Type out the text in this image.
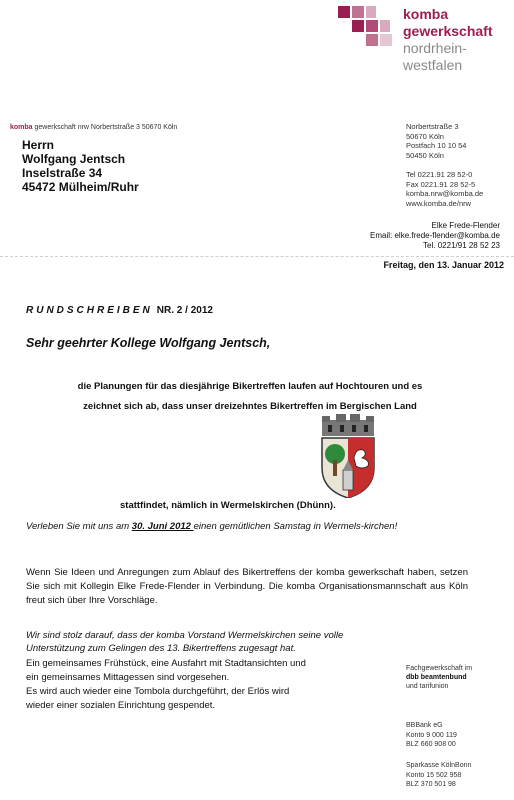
komba
gewerkschaft
nordrhein-
westfalen
komba gewerkschaft nrw Norbertstraße 3 50670 Köln
Herrn
Wolfgang Jentsch
Inselstraße 34
45472 Mülheim/Ruhr
Norbertstraße 3
50670 Köln
Postfach 10 10 54
50450 Köln
Tel 0221.91 28 52-0
Fax 0221.91 28 52-5
komba.nrw@komba.de
www.komba.de/nrw
Elke Frede-Flender
Email: elke.frede-flender@komba.de
Tel. 0221/91 28 52 23
Freitag, den 13. Januar 2012
RUNDSCHREIBEN NR. 2 / 2012
Sehr geehrter Kollege Wolfgang Jentsch,
die Planungen für das diesjährige Bikertreffen laufen auf Hochtouren und es
zeichnet sich ab, dass unser dreizehntes Bikertreffen im Bergischen Land
stattfindet, nämlich in Wermelskirchen (Dhünn).
Verleben Sie mit uns am 30. Juni 2012 einen gemütlichen Samstag in Wermels-kirchen!
Wenn Sie Ideen und Anregungen zum Ablauf des Bikertreffens der komba gewerkschaft haben, setzen Sie sich mit Kollegin Elke Frede-Flender in Verbindung. Die komba Organisationsmannschaft aus Köln freut sich über Ihre Vorschläge.
Wir sind stolz darauf, dass der komba Vorstand Wermelskirchen seine volle Unterstützung zum Gelingen des 13. Bikertreffens zugesagt hat.
Ein gemeinsames Frühstück, eine Ausfahrt mit Stadtansichten und
ein gemeinsames Mittagessen sind vorgesehen.
Es wird auch wieder eine Tombola durchgeführt, der Erlös wird
wieder einer sozialen Einrichtung gespendet.
Fachgewerkschaft im
dbb beamtenbund
und tarifunion
BBBank eG
Konto 9 000 119
BLZ 660 908 00
Sparkasse KölnBonn
Konto 15 502 958
BLZ 370 501 98
